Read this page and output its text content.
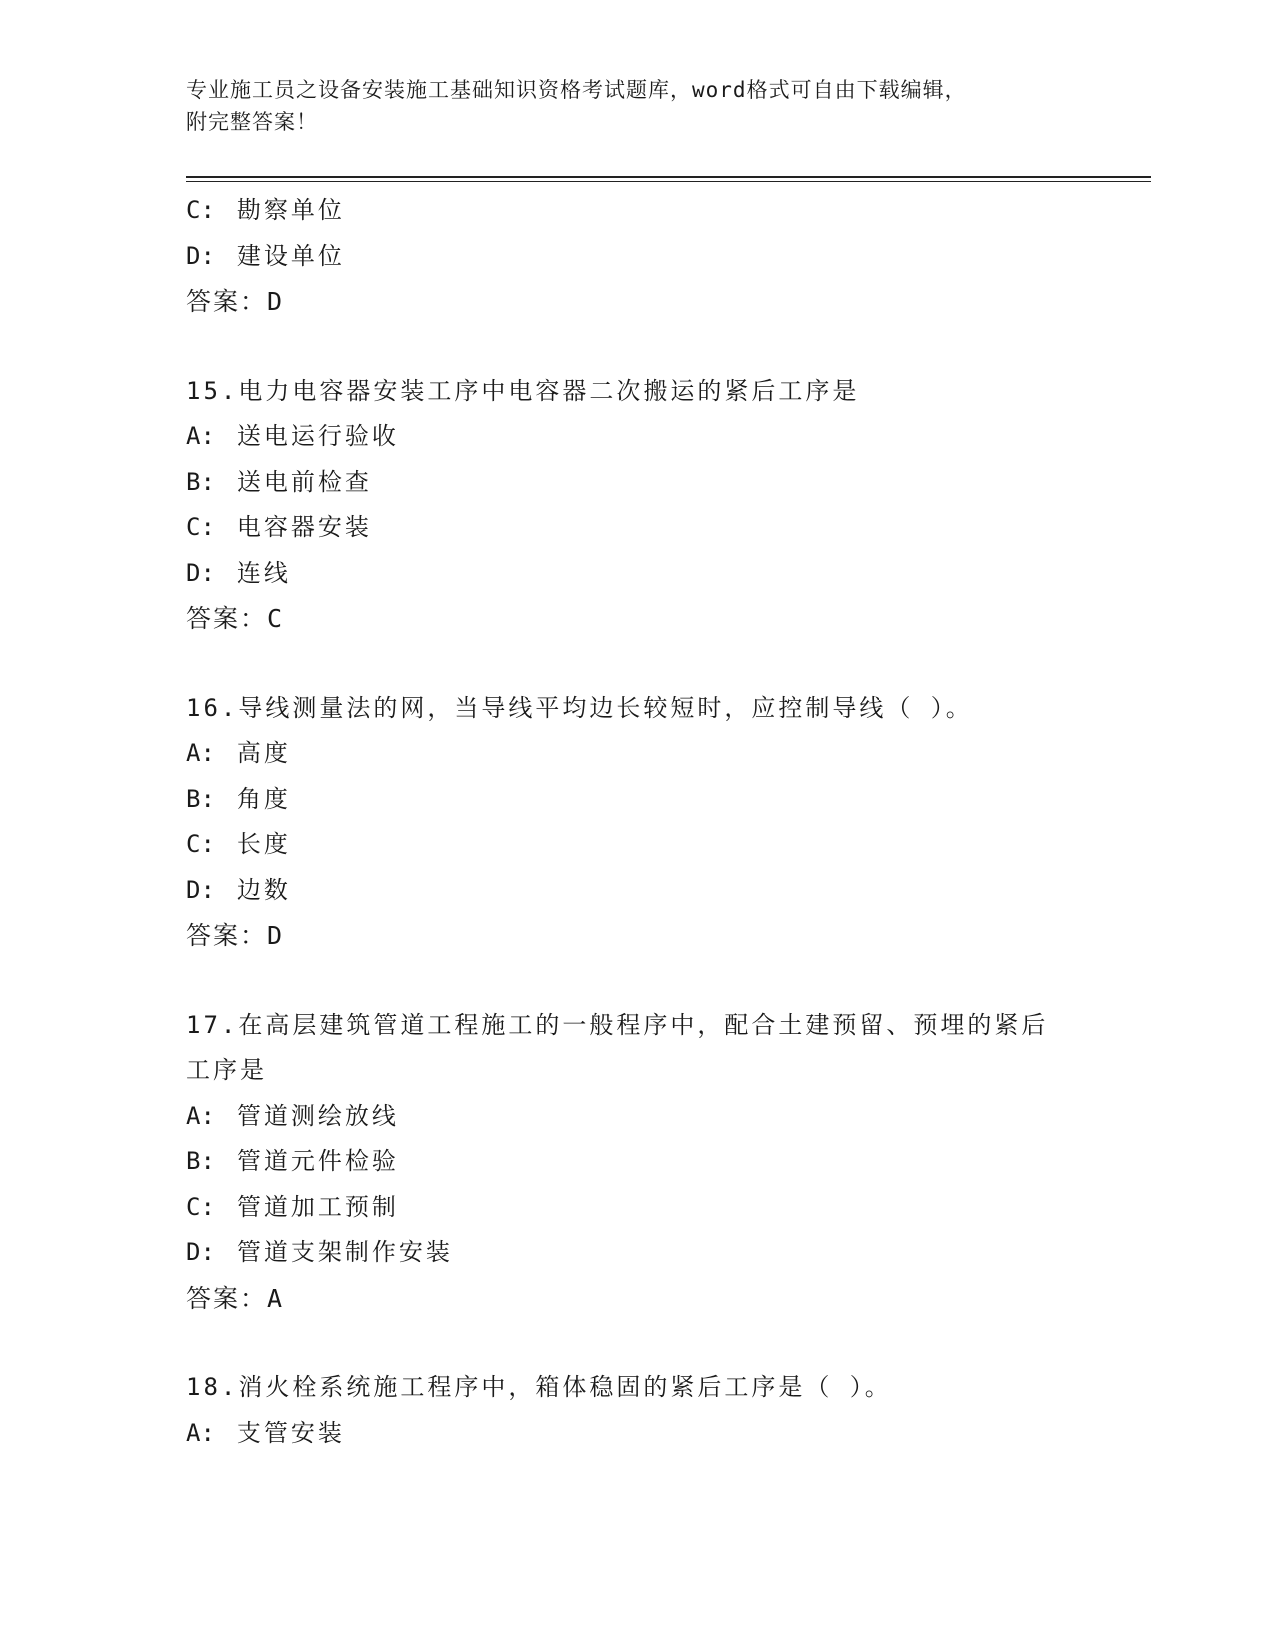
专业施工员之设备安装施工基础知识资格考试题库，word格式可自由下载编辑，
附完整答案！
C: 勘察单位
D: 建设单位
答案：D
15.电力电容器安装工序中电容器二次搬运的紧后工序是
A: 送电运行验收
B: 送电前检查
C: 电容器安装
D: 连线
答案：C
16.导线测量法的网，当导线平均边长较短时，应控制导线（ ）。
A: 高度
B: 角度
C: 长度
D: 边数
答案：D
17.在高层建筑管道工程施工的一般程序中，配合土建预留、预埋的紧后工序是
A: 管道测绘放线
B: 管道元件检验
C: 管道加工预制
D: 管道支架制作安装
答案：A
18.消火栓系统施工程序中，箱体稳固的紧后工序是（ ）。
A: 支管安装
